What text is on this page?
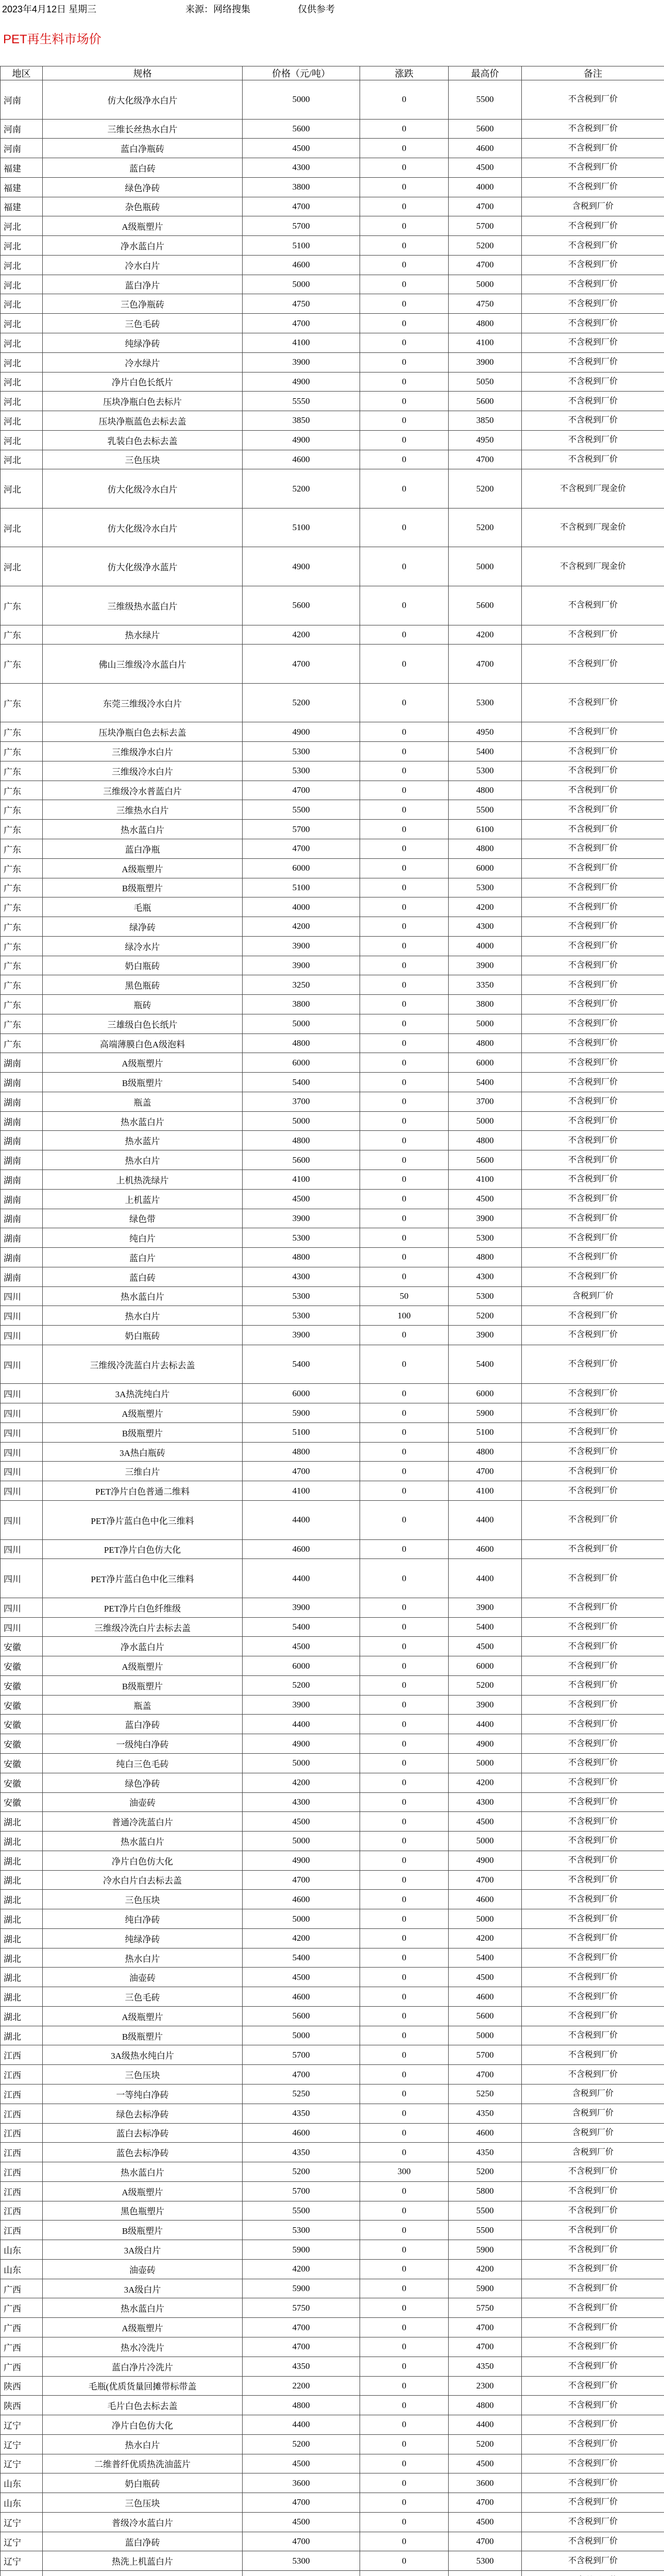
2023年4月12日 星期三	来源：网络搜集	仅供参考
PET再生料市场价
地区	规格	价格（元/吨）	涨跌	最高价	备注
河南	仿大化级净水白片	5000	0	5500	不含税到厂价
河南	三维长丝热水白片	5600	0	5600	不含税到厂价
河南	蓝白净瓶砖	4500	0	4600	不含税到厂价
福建	蓝白砖	4300	0	4500	不含税到厂价
福建	绿色净砖	3800	0	4000	不含税到厂价
福建	杂色瓶砖	4700	0	4700	含税到厂价
河北	A级瓶塑片	5700	0	5700	不含税到厂价
河北	净水蓝白片	5100	0	5200	不含税到厂价
河北	冷水白片	4600	0	4700	不含税到厂价
河北	蓝白净片	5000	0	5000	不含税到厂价
河北	三色净瓶砖	4750	0	4750	不含税到厂价
河北	三色毛砖	4700	0	4800	不含税到厂价
河北	纯绿净砖	4100	0	4100	不含税到厂价
河北	冷水绿片	3900	0	3900	不含税到厂价
河北	净片白色长纸片	4900	0	5050	不含税到厂价
河北	压块净瓶白色去标片	5550	0	5600	不含税到厂价
河北	压块净瓶蓝色去标去盖	3850	0	3850	不含税到厂价
河北	乳装白色去标去盖	4900	0	4950	不含税到厂价
河北	三色压块	4600	0	4700	不含税到厂价
河北	仿大化级冷水白片	5200	0	5200	不含税到厂现金价
河北	仿大化级冷水白片	5100	0	5200	不含税到厂现金价
河北	仿大化级净水蓝片	4900	0	5000	不含税到厂现金价
广东	三维级热水蓝白片	5600	0	5600	不含税到厂价
广东	热水绿片	4200	0	4200	不含税到厂价
广东	佛山三维级冷水蓝白片	4700	0	4700	不含税到厂价
广东	东莞三维级冷水白片	5200	0	5300	不含税到厂价
广东	压块净瓶白色去标去盖	4900	0	4950	不含税到厂价
广东	三维级净水白片	5300	0	5400	不含税到厂价
广东	三维级冷水白片	5300	0	5300	不含税到厂价
广东	三维级冷水普蓝白片	4700	0	4800	不含税到厂价
广东	三维热水白片	5500	0	5500	不含税到厂价
广东	热水蓝白片	5700	0	6100	不含税到厂价
广东	蓝白净瓶	4700	0	4800	不含税到厂价
广东	A级瓶塑片	6000	0	6000	不含税到厂价
广东	B级瓶塑片	5100	0	5300	不含税到厂价
广东	毛瓶	4000	0	4200	不含税到厂价
广东	绿净砖	4200	0	4300	不含税到厂价
广东	绿冷水片	3900	0	4000	不含税到厂价
广东	奶白瓶砖	3900	0	3900	不含税到厂价
广东	黑色瓶砖	3250	0	3350	不含税到厂价
广东	瓶砖	3800	0	3800	不含税到厂价
广东	三雄级白色长纸片	5000	0	5000	不含税到厂价
广东	高端薄膜白色A级泡料	4800	0	4800	不含税到厂价
湖南	A级瓶塑片	6000	0	6000	不含税到厂价
湖南	B级瓶塑片	5400	0	5400	不含税到厂价
湖南	瓶盖	3700	0	3700	不含税到厂价
湖南	热水蓝白片	5000	0	5000	不含税到厂价
湖南	热水蓝片	4800	0	4800	不含税到厂价
湖南	热水白片	5600	0	5600	不含税到厂价
湖南	上机热洗绿片	4100	0	4100	不含税到厂价
湖南	上机蓝片	4500	0	4500	不含税到厂价
湖南	绿色带	3900	0	3900	不含税到厂价
湖南	纯白片	5300	0	5300	不含税到厂价
湖南	蓝白片	4800	0	4800	不含税到厂价
湖南	蓝白砖	4300	0	4300	不含税到厂价
四川	热水蓝白片	5300	50	5300	含税到厂价
四川	热水白片	5300	100	5200	不含税到厂价
四川	奶白瓶砖	3900	0	3900	不含税到厂价
四川	三维级冷洗蓝白片去标去盖	5400	0	5400	不含税到厂价
四川	3A热洗纯白片	6000	0	6000	不含税到厂价
四川	A级瓶塑片	5900	0	5900	不含税到厂价
四川	B级瓶塑片	5100	0	5100	不含税到厂价
四川	3A热白瓶砖	4800	0	4800	不含税到厂价
四川	三维白片	4700	0	4700	不含税到厂价
四川	PET净片白色普通二维料	4100	0	4100	不含税到厂价
四川	PET净片蓝白色中化三维料	4400	0	4400	不含税到厂价
四川	PET净片白色仿大化	4600	0	4600	不含税到厂价
四川	PET净片蓝白色中化三维料	4400	0	4400	不含税到厂价
四川	PET净片白色纤维级	3900	0	3900	不含税到厂价
四川	三维级冷洗白片去标去盖	5400	0	5400	不含税到厂价
安徽	净水蓝白片	4500	0	4500	不含税到厂价
安徽	A级瓶塑片	6000	0	6000	不含税到厂价
安徽	B级瓶塑片	5200	0	5200	不含税到厂价
安徽	瓶盖	3900	0	3900	不含税到厂价
安徽	蓝白净砖	4400	0	4400	不含税到厂价
安徽	一级纯白净砖	4900	0	4900	不含税到厂价
安徽	纯白三色毛砖	5000	0	5000	不含税到厂价
安徽	绿色净砖	4200	0	4200	不含税到厂价
安徽	油壶砖	4300	0	4300	不含税到厂价
湖北	普通冷洗蓝白片	4500	0	4500	不含税到厂价
湖北	热水蓝白片	5000	0	5000	不含税到厂价
湖北	净片白色仿大化	4900	0	4900	不含税到厂价
湖北	冷水白片白去标去盖	4700	0	4700	不含税到厂价
湖北	三色压块	4600	0	4600	不含税到厂价
湖北	纯白净砖	5000	0	5000	不含税到厂价
湖北	纯绿净砖	4200	0	4200	不含税到厂价
湖北	热水白片	5400	0	5400	不含税到厂价
湖北	油壶砖	4500	0	4500	不含税到厂价
湖北	三色毛砖	4600	0	4600	不含税到厂价
湖北	A级瓶塑片	5600	0	5600	不含税到厂价
湖北	B级瓶塑片	5000	0	5000	不含税到厂价
江西	3A级热水纯白片	5700	0	5700	不含税到厂价
江西	三色压块	4700	0	4700	不含税到厂价
江西	一等纯白净砖	5250	0	5250	含税到厂价
江西	绿色去标净砖	4350	0	4350	含税到厂价
江西	蓝白去标净砖	4600	0	4600	含税到厂价
江西	蓝色去标净砖	4350	0	4350	含税到厂价
江西	热水蓝白片	5200	300	5200	不含税到厂价
江西	A级瓶塑片	5700	0	5800	不含税到厂价
江西	黑色瓶塑片	5500	0	5500	不含税到厂价
江西	B级瓶塑片	5300	0	5500	不含税到厂价
山东	3A级白片	5900	0	5900	不含税到厂价
山东	油壶砖	4200	0	4200	不含税到厂价
广西	3A级白片	5900	0	5900	不含税到厂价
广西	热水蓝白片	5750	0	5750	不含税到厂价
广西	A级瓶塑片	4700	0	4700	不含税到厂价
广西	热水冷洗片	4700	0	4700	不含税到厂价
广西	蓝白净片冷洗片	4350	0	4350	不含税到厂价
陕西	毛瓶(优质货量回摊带标带盖	2200	0	2300	不含税到厂价
陕西	毛片白色去标去盖	4800	0	4800	不含税到厂价
辽宁	净片白色仿大化	4400	0	4400	不含税到厂价
辽宁	热水白片	5200	0	5200	不含税到厂价
辽宁	二维普纤优质热洗油蓝片	4500	0	4500	不含税到厂价
山东	奶白瓶砖	3600	0	3600	不含税到厂价
山东	三色压块	4700	0	4700	不含税到厂价
辽宁	普级冷水蓝白片	4500	0	4500	不含税到厂价
辽宁	蓝白净砖	4700	0	4700	不含税到厂价
辽宁	热洗上机蓝白片	5300	0	5300	不含税到厂价
